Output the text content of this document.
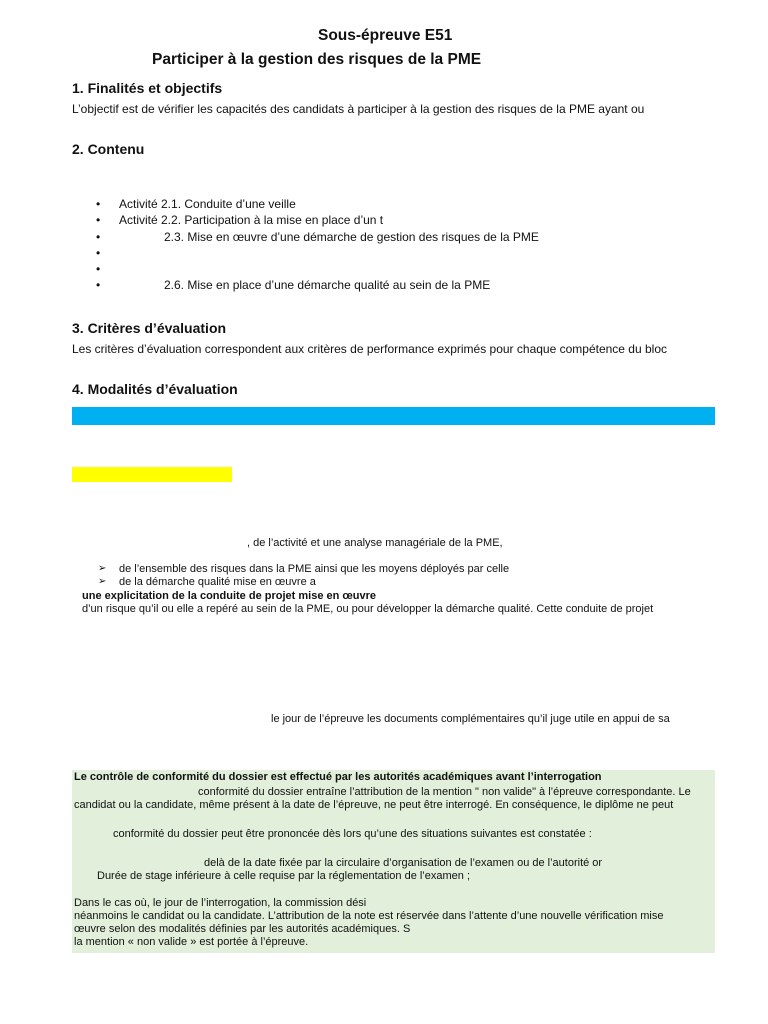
Sous-épreuve E51
Participer à la gestion des risques de la PME
1. Finalités et objectifs
L’objectif est de vérifier les capacités des candidats à participer à la gestion des risques de la PME ayant ou
2. Contenu
• Activité 2.1. Conduite d’une veille
• Activité 2.2. Participation à la mise en place d’un t
•	2.3. Mise en œuvre d’une démarche de gestion des risques de la PME
•
•
•	2.6. Mise en place d’une démarche qualité au sein de la PME
3. Critères d’évaluation
Les critères d’évaluation correspondent aux critères de performance exprimés pour chaque compétence du bloc
4. Modalités d’évaluation
, de l’activité et une analyse managériale de la PME,
➢ de l’ensemble des risques dans la PME ainsi que les moyens déployés par celle
➢ de la démarche qualité mise en œuvre a
une explicitation de la conduite de projet mise en œuvre
d’un risque qu’il ou elle a repéré au sein de la PME, ou pour développer la démarche qualité. Cette conduite de projet
le jour de l’épreuve les documents complémentaires qu’il juge utile en appui de sa
Le contrôle de conformité du dossier est effectué par les autorités académiques avant l’interrogation
conformité du dossier entraîne l’attribution de la mention " non valide" à l’épreuve correspondante. Le
candidat ou la candidate, même présent à la date de l’épreuve, ne peut être interrogé. En conséquence, le diplôme ne peut
conformité du dossier peut être prononcée dès lors qu’une des situations suivantes est constatée :
delà de la date fixée par la circulaire d’organisation de l’examen ou de l’autorité or
Durée de stage inférieure à celle requise par la réglementation de l’examen ;
Dans le cas où, le jour de l’interrogation, la commission dési
néanmoins le candidat ou la candidate. L’attribution de la note est réservée dans l’attente d’une nouvelle vérification mise
œuvre selon des modalités définies par les autorités académiques. S
la mention « non valide » est portée à l’épreuve.
